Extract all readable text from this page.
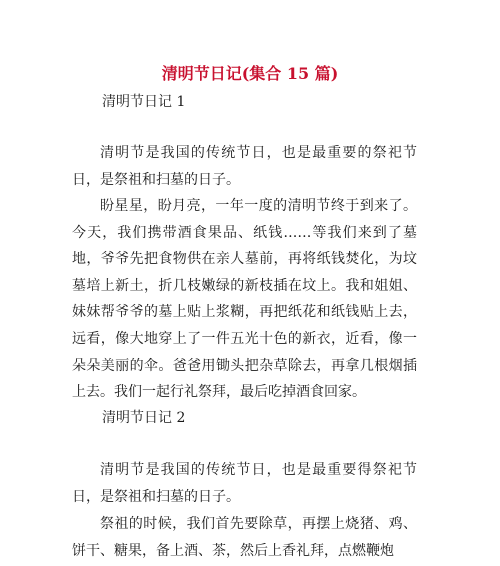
清明节日记(集合 15 篇)
清明节日记 1

清明节是我国的传统节日，也是最重要的祭祀节日，是祭祖和扫墓的日子。

盼星星，盼月亮，一年一度的清明节终于到来了。今天，我们携带酒食果品、纸钱……等我们来到了墓地，爷爷先把食物供在亲人墓前，再将纸钱焚化，为坟墓培上新土，折几枝嫩绿的新枝插在坟上。我和姐姐、妹妹帮爷爷的墓上贴上浆糊，再把纸花和纸钱贴上去，远看，像大地穿上了一件五光十色的新衣，近看，像一朵朵美丽的伞。爸爸用锄头把杂草除去，再拿几根烟插上去。我们一起行礼祭拜，最后吃掉酒食回家。

清明节日记 2

清明节是我国的传统节日，也是最重要得祭祀节日，是祭祖和扫墓的日子。

祭祖的时候，我们首先要除草，再摆上烧猪、鸡、饼干、糖果，备上酒、茶，然后上香礼拜，点燃鞭炮
